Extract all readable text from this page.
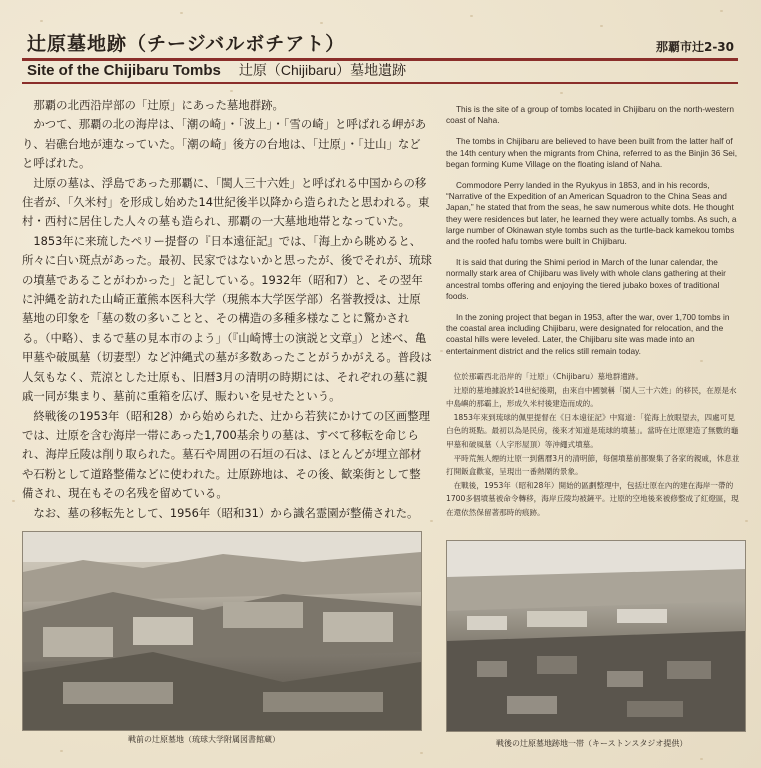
辻原墓地跡（チージバルボチアト）	那覇市辻2-30
Site of the Chijibaru Tombs 辻原（Chijibaru）墓地遺跡

那覇の北西沿岸部の「辻原」にあった墓地群跡。

かつて、那覇の北の海岸は、「潮の崎」・「波上」・「雪の崎」と呼ばれる岬があり、岩礁台地が連なっていた。「潮の崎」後方の台地は、「辻原」・「辻山」などと呼ばれた。

辻原の墓は、浮島であった那覇に、「閩人三十六姓」と呼ばれる中国からの移住者が、「久米村」を形成し始めた14世紀後半以降から造られたと思われる。東村・西村に居住した人々の墓も造られ、那覇の一大墓地地帯となっていた。

1853年に来琉したペリー提督の『日本遠征記』では、「海上から眺めると、所々に白い斑点があった。最初、民家ではないかと思ったが、後でそれが、琉球の墳墓であることがわかった」と記している。1932年（昭和7）と、その翌年に沖縄を訪れた山崎正董熊本医科大学（現熊本大学医学部）名誉教授は、辻原墓地の印象を「墓の数の多いことと、その構造の多種多様なことに驚かされる。（中略）、まるで墓の見本市のよう」（『山崎博士の演説と文章』）と述べ、亀甲墓や破風墓（切妻型）など沖縄式の墓が多数あったことがうかがえる。普段は人気もなく、荒涼とした辻原も、旧暦3月の清明の時期には、それぞれの墓に親戚一同が集まり、墓前に重箱を広げ、賑わいを見せたという。

終戦後の1953年（昭和28）から始められた、辻から若狭にかけての区画整理では、辻原を含む海岸一帯にあった1,700基余りの墓は、すべて移転を命じられ、海岸丘陵は削り取られた。墓石や周囲の石垣の石は、ほとんどが埋立部材や石粉として道路整備などに使われた。辻原跡地は、その後、歓楽街として整備され、現在もその名残を留めている。

なお、墓の移転先として、1956年（昭和31）から識名霊園が整備された。

This is the site of a group of tombs located in Chijibaru on the north-western coast of Naha.

The tombs in Chijibaru are believed to have been built from the latter half of the 14th century when the migrants from China, referred to as the Binjin 36 Sei, began forming Kume Village on the floating island of Naha.

Commodore Perry landed in the Ryukyus in 1853, and in his records, “Narrative of the Expedition of an American Squadron to the China Seas and Japan,” he stated that from the seas, he saw numerous white dots. He thought they were residences but later, he learned they were actually tombs. As such, a large number of Okinawan style tombs such as the turtle-back kamekou tombs and the roofed hafu tombs were built in Chijibaru.

It is said that during the Shimi period in March of the lunar calendar, the normally stark area of Chijibaru was lively with whole clans gathering at their ancestral tombs offering and enjoying the tiered jubako boxes of traditional foods.

In the zoning project that began in 1953, after the war, over 1,700 tombs in the coastal area including Chijibaru, were designated for relocation, and the coastal hills were leveled. Later, the Chijibaru site was made into an entertainment district and the relics still remain today.

位於那霸西北沿岸的「辻原」（Chijibaru）墓地群遺跡。

辻原的墓地據說於14世紀後期，由來自中國號稱「閩人三十六姓」的移民，在原是水中島嶼的那霸上，形成久米村後建造而成的。

1853年來到琉球的佩里提督在《日本遠征記》中寫道：「從海上放眼望去，四處可見白色的斑點。最初以為是民房，後來才知道是琉球的墳墓」。當時在辻原建造了無數的龜甲墓和破風墓（人字形屋頂）等沖繩式墳墓。

平時荒無人煙的辻原一到舊曆3月的清明節，每個墳墓前都聚集了各家的親戚，休息並打開飯盒歡宴，呈現出一番熱鬧的景象。

在戰後，1953年（昭和28年）開始的區劃整理中，包括辻原在內的建在海岸一帶的1700多個墳墓被命令轉移，海岸丘陵均被鏟平。辻原的空地後來被修整成了紅燈區，現在還依然保留著那時的痕跡。

戦前の辻原墓地（琉球大学附属図書館蔵）	戦後の辻原墓地跡地一帯（キーストンスタジオ提供）
